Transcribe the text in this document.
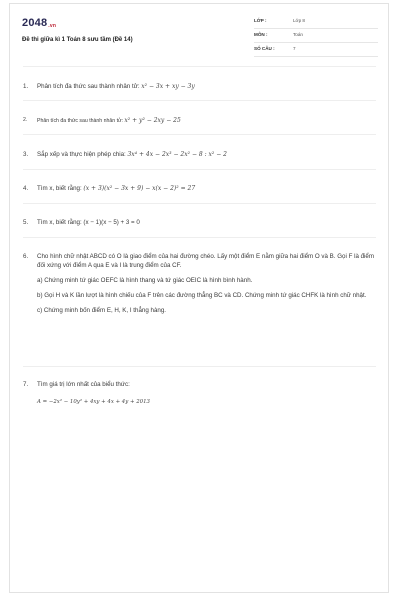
2048.vn
Đề thi giữa kì 1 Toán 8 sưu tầm (Đề 14)
LỚP :	Lớp 8
MÔN :	Toán
SỐ CÂU :	7
1. Phân tích đa thức sau thành nhân tử: x² − 3x + xy − 3y
2. Phân tích đa thức sau thành nhân tử: x² + y² − 2xy − 25
3. Sắp xếp và thực hiện phép chia: 3x⁴ + 4x − 2x³ − 2x² − 8 : x² − 2
4. Tìm x, biết rằng: (x + 3)(x² − 3x + 9) − x(x − 2)² = 27
5. Tìm x, biết rằng: (x − 1)(x − 5) + 3 = 0
6. Cho hình chữ nhật ABCD có O là giao điểm của hai đường chéo. Lấy một điểm E nằm giữa hai điểm O và B. Gọi F là điểm đối xứng với điểm A qua E và I là trung điểm của CF.
a) Chứng minh tứ giác OEFC là hình thang và tứ giác OEIC là hình bình hành.
b) Gọi H và K lần lượt là hình chiếu của F trên các đường thẳng BC và CD. Chứng minh tứ giác CHFK là hình chữ nhật.
c) Chứng minh bốn điểm E, H, K, I thẳng hàng.
7. Tìm giá trị lớn nhất của biểu thức:
A = −2x² − 10y² + 4xy + 4x + 4y + 2013
